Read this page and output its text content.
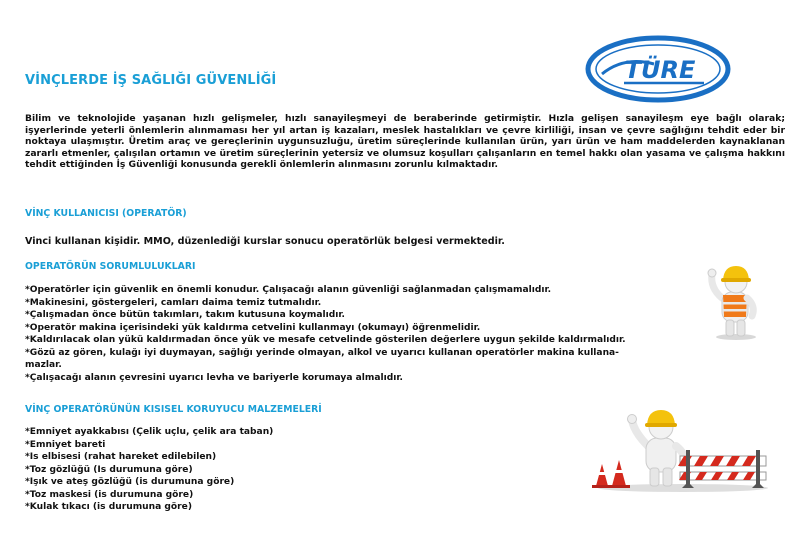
TÜRE
VİNÇLERDE İŞ SAĞLIĞI GÜVENLİĞİ

Bilim ve teknolojide yaşanan hızlı gelişmeler, hızlı sanayileşmeyi de beraberinde getirmiştir. Hızla gelişen sanayileşm eye bağlı olarak; işyerlerinde yeterli önlemlerin alınmaması her yıl artan iş kazaları, meslek hastalıkları ve çevre kirliliği, insan ve çevre sağlığını tehdit eder bir noktaya ulaşmıştır. Üretim araç ve gereçlerinin uygunsuzluğu, üretim süreçlerinde kullanılan ürün, yarı ürün ve ham maddelerden kaynaklanan zararlı etmenler, çalışılan ortamın ve üretim süreçlerinin yetersiz ve olumsuz koşulları çalışanların en temel hakkı olan yasama ve çalışma hakkını tehdit ettiğinden İş Güvenliği konusunda gerekli önlemlerin alınmasını zorunlu kılmaktadır.

VİNÇ KULLANICISI (OPERATÖR)
Vinci kullanan kişidir. MMO, düzenlediği kurslar sonucu operatörlük belgesi vermektedir.
OPERATÖRÜN SORUMLULUKLARI
*Operatörler için güvenlik en önemli konudur. Çalışacağı alanın güvenliği sağlanmadan çalışmamalıdır.
*Makinesini, göstergeleri, camları daima temiz tutmalıdır.
*Çalışmadan önce bütün takımları, takım kutusuna koymalıdır.
*Operatör makina içerisindeki yük kaldırma cetvelini kullanmayı (okumayı) öğrenmelidir.
*Kaldırılacak olan yükü kaldırmadan önce yük ve mesafe cetvelinde gösterilen değerlere uygun şekilde kaldırmalıdır.
*Gözü az gören, kulağı iyi duymayan, sağlığı yerinde olmayan, alkol ve uyarıcı kullanan operatörler makina kullana-
mazlar.
*Çalışacağı alanın çevresini uyarıcı levha ve bariyerle korumaya almalıdır.
VİNÇ OPERATÖRÜNÜN KISISEL KORUYUCU MALZEMELERİ
*Emniyet ayakkabısı (Çelik uçlu, çelik ara taban)
*Emniyet bareti
*Is elbisesi (rahat hareket edilebilen)
*Toz gözlüğü (Is durumuna göre)
*Işık ve ateş gözlüğü (is durumuna göre)
*Toz maskesi (is durumuna göre)
*Kulak tıkacı (is durumuna göre)
